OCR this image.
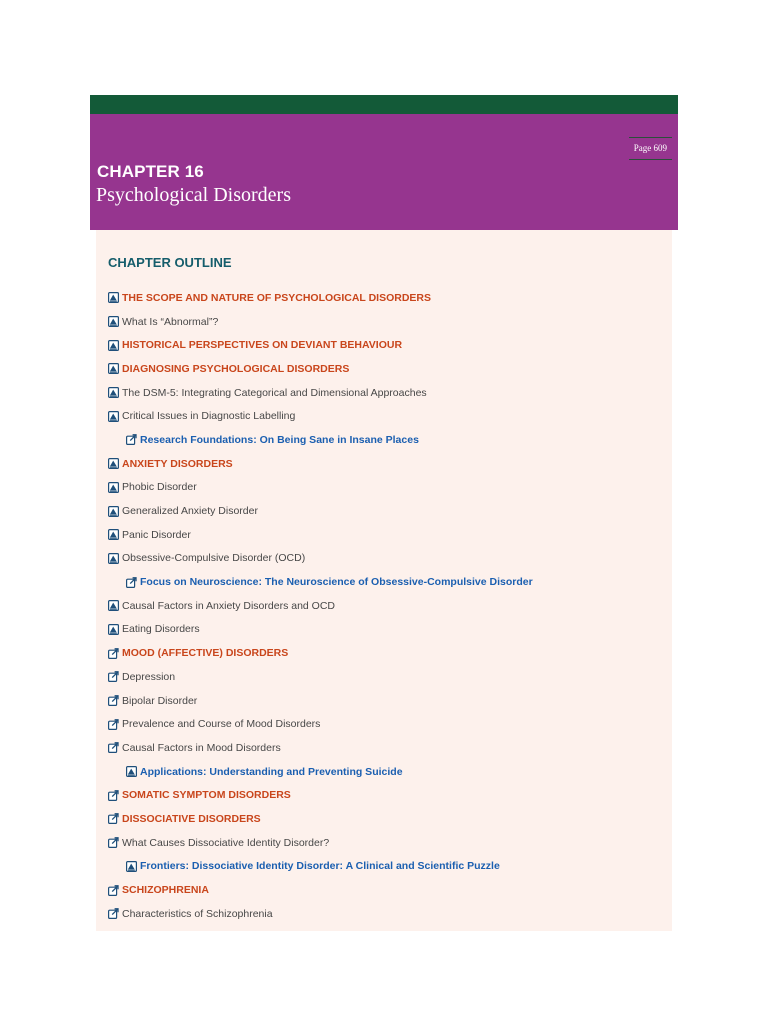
Page 609
CHAPTER 16
Psychological Disorders
CHAPTER OUTLINE
THE SCOPE AND NATURE OF PSYCHOLOGICAL DISORDERS
What Is “Abnormal”?
HISTORICAL PERSPECTIVES ON DEVIANT BEHAVIOUR
DIAGNOSING PSYCHOLOGICAL DISORDERS
The DSM-5: Integrating Categorical and Dimensional Approaches
Critical Issues in Diagnostic Labelling
Research Foundations: On Being Sane in Insane Places
ANXIETY DISORDERS
Phobic Disorder
Generalized Anxiety Disorder
Panic Disorder
Obsessive-Compulsive Disorder (OCD)
Focus on Neuroscience: The Neuroscience of Obsessive-Compulsive Disorder
Causal Factors in Anxiety Disorders and OCD
Eating Disorders
MOOD (AFFECTIVE) DISORDERS
Depression
Bipolar Disorder
Prevalence and Course of Mood Disorders
Causal Factors in Mood Disorders
Applications: Understanding and Preventing Suicide
SOMATIC SYMPTOM DISORDERS
DISSOCIATIVE DISORDERS
What Causes Dissociative Identity Disorder?
Frontiers: Dissociative Identity Disorder: A Clinical and Scientific Puzzle
SCHIZOPHRENIA
Characteristics of Schizophrenia
